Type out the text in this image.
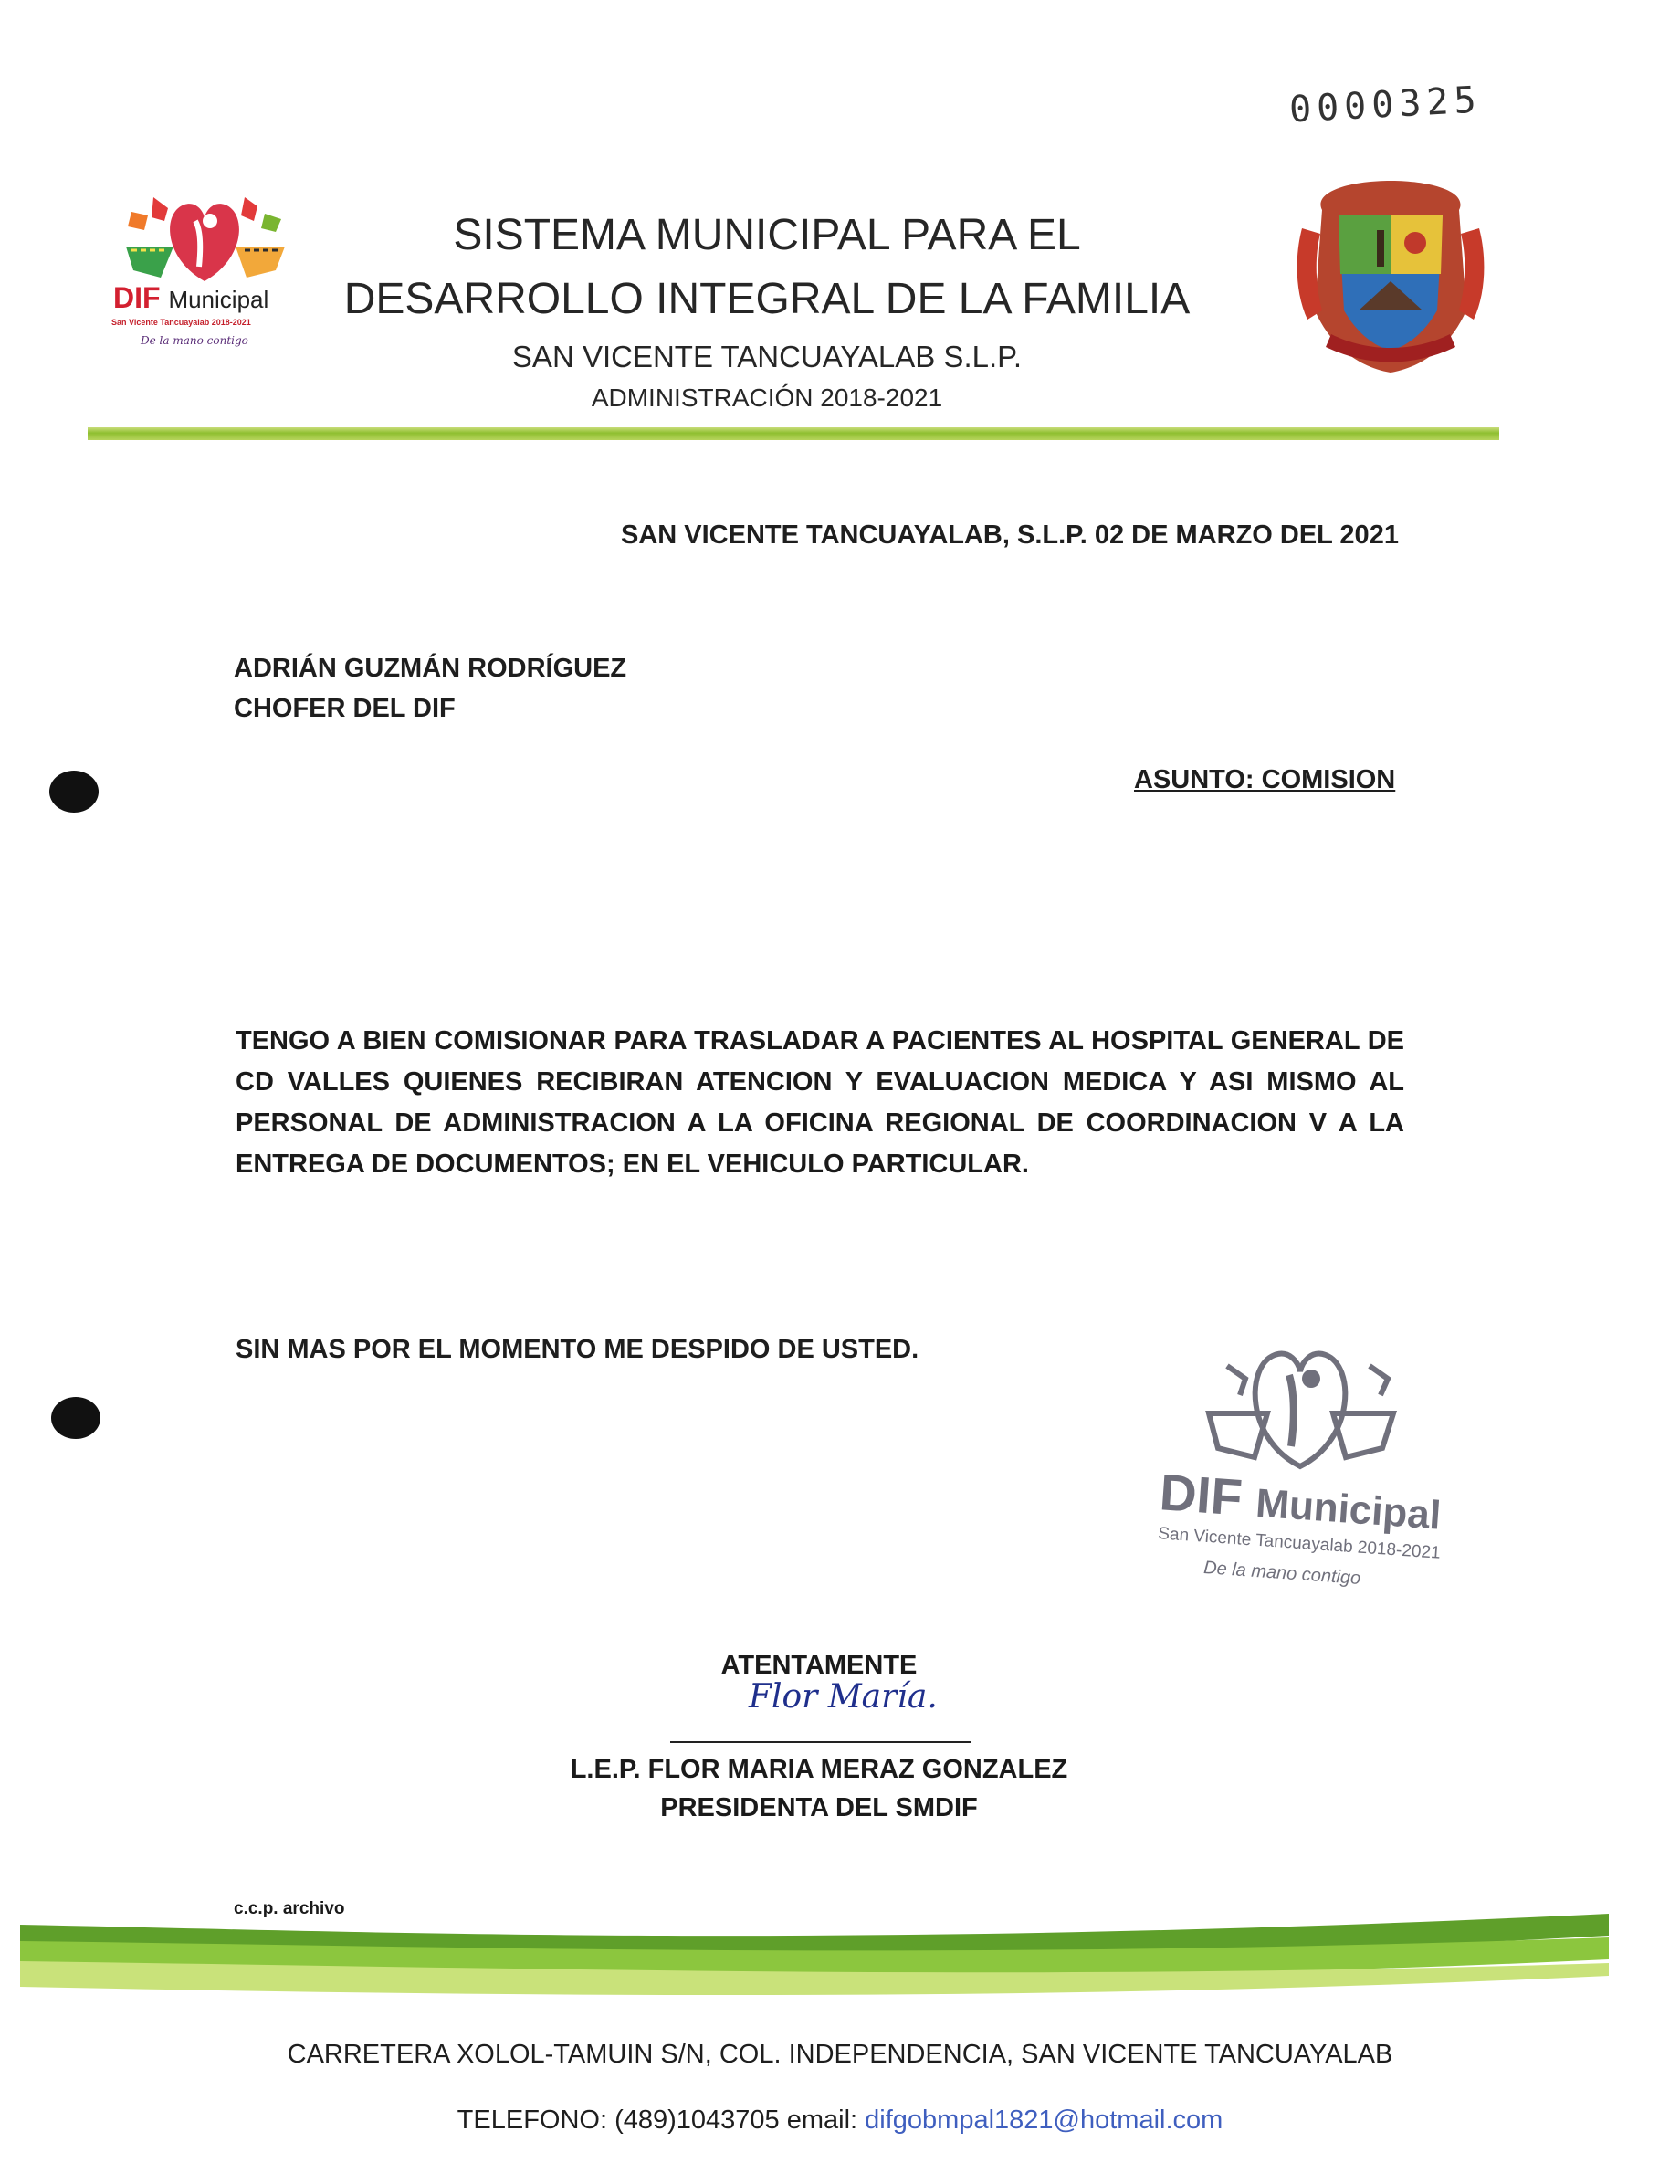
0000325
DIF Municipal
San Vicente Tancuayalab 2018-2021
De la mano contigo
SISTEMA MUNICIPAL PARA EL
DESARROLLO INTEGRAL DE LA FAMILIA
SAN VICENTE TANCUAYALAB S.L.P.
ADMINISTRACIÓN 2018-2021
SAN VICENTE TANCUAYALAB, S.L.P. 02 DE MARZO DEL 2021
ADRIÁN GUZMÁN RODRÍGUEZ
CHOFER DEL DIF
ASUNTO: COMISION
TENGO A BIEN COMISIONAR PARA TRASLADAR A PACIENTES AL HOSPITAL GENERAL DE CD VALLES QUIENES RECIBIRAN ATENCION Y EVALUACION MEDICA Y ASI MISMO AL PERSONAL DE ADMINISTRACION A LA OFICINA REGIONAL DE COORDINACION V A LA ENTREGA DE DOCUMENTOS; EN EL VEHICULO PARTICULAR.
SIN MAS POR EL MOMENTO ME DESPIDO DE USTED.
DIF Municipal
San Vicente Tancuayalab 2018-2021
De la mano contigo
ATENTAMENTE
Flor María.
L.E.P. FLOR MARIA MERAZ GONZALEZ
PRESIDENTA DEL SMDIF
c.c.p. archivo
CARRETERA XOLOL-TAMUIN S/N, COL. INDEPENDENCIA, SAN VICENTE TANCUAYALAB
TELEFONO: (489)1043705 email: difgobmpal1821@hotmail.com
